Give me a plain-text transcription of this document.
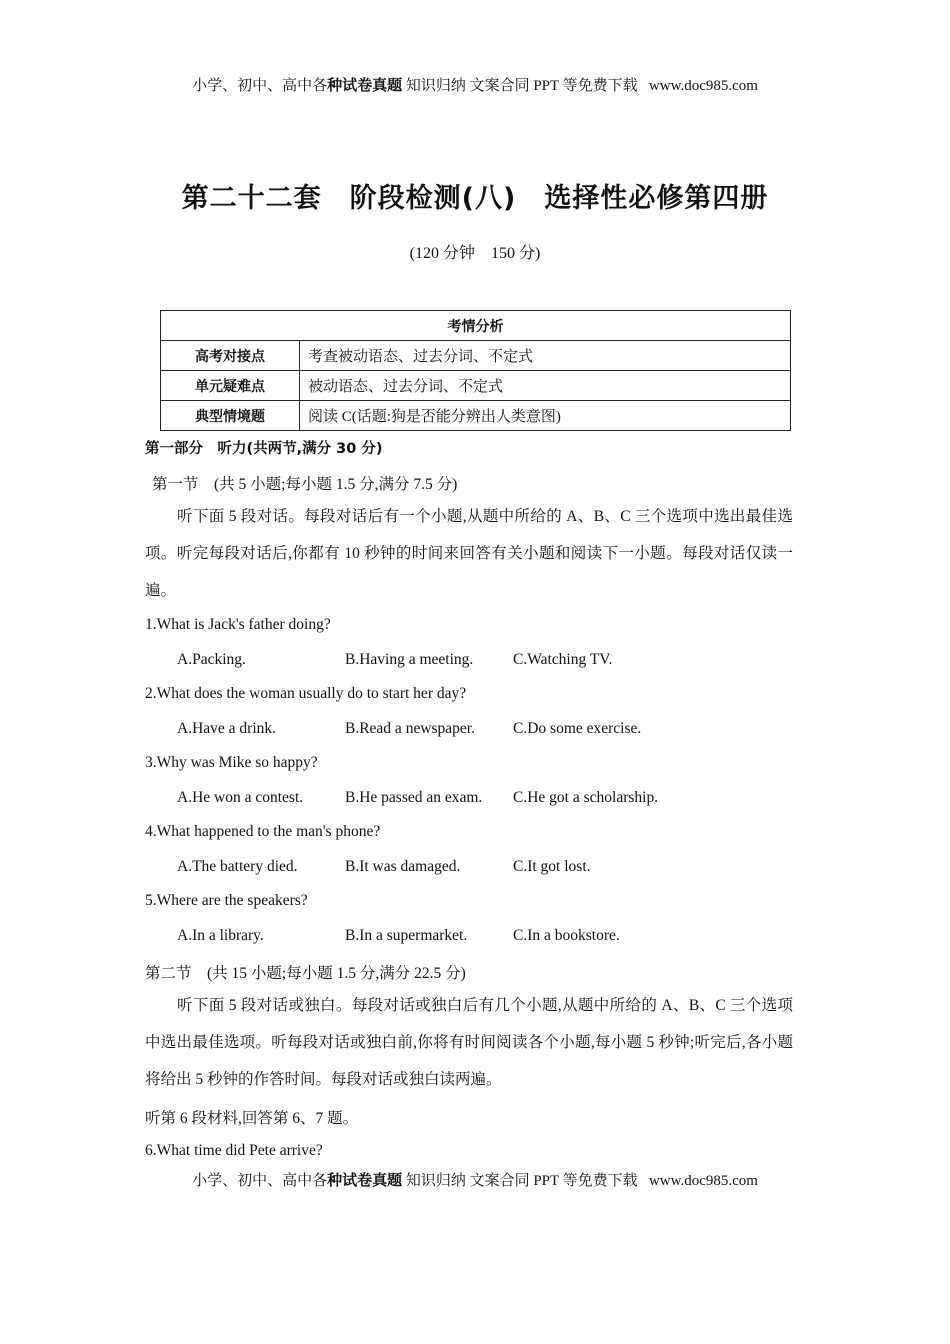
小学、初中、高中各种试卷真题 知识归纳 文案合同 PPT 等免费下载 www.doc985.com
第二十二套　阶段检测(八)　选择性必修第四册
(120 分钟　150 分)
考情分析	
高考对接点	考查被动语态、过去分词、不定式
单元疑难点	被动语态、过去分词、不定式
典型情境题	阅读 C(话题:狗是否能分辨出人类意图)
第一部分　听力(共两节,满分 30 分)
第一节　(共 5 小题;每小题 1.5 分,满分 7.5 分)
听下面 5 段对话。每段对话后有一个小题,从题中所给的 A、B、C 三个选项中选出最佳选项。听完每段对话后,你都有 10 秒钟的时间来回答有关小题和阅读下一小题。每段对话仅读一遍。
1.What is Jack's father doing?
A.Packing.	B.Having a meeting.	C.Watching TV.
2.What does the woman usually do to start her day?
A.Have a drink.	B.Read a newspaper. C.Do some exercise.
3.Why was Mike so happy?
A.He won a contest.	B.He passed an exam. C.He got a scholarship.
4.What happened to the man's phone?
A.The battery died.	B.It was damaged.	C.It got lost.
5.Where are the speakers?
A.In a library.	B.In a supermarket.	C.In a bookstore.
第二节　(共 15 小题;每小题 1.5 分,满分 22.5 分)
听下面 5 段对话或独白。每段对话或独白后有几个小题,从题中所给的 A、B、C 三个选项中选出最佳选项。听每段对话或独白前,你将有时间阅读各个小题,每小题 5 秒钟;听完后,各小题将给出 5 秒钟的作答时间。每段对话或独白读两遍。
听第 6 段材料,回答第 6、7 题。
6.What time did Pete arrive?
小学、初中、高中各种试卷真题 知识归纳 文案合同 PPT 等免费下载 www.doc985.com
